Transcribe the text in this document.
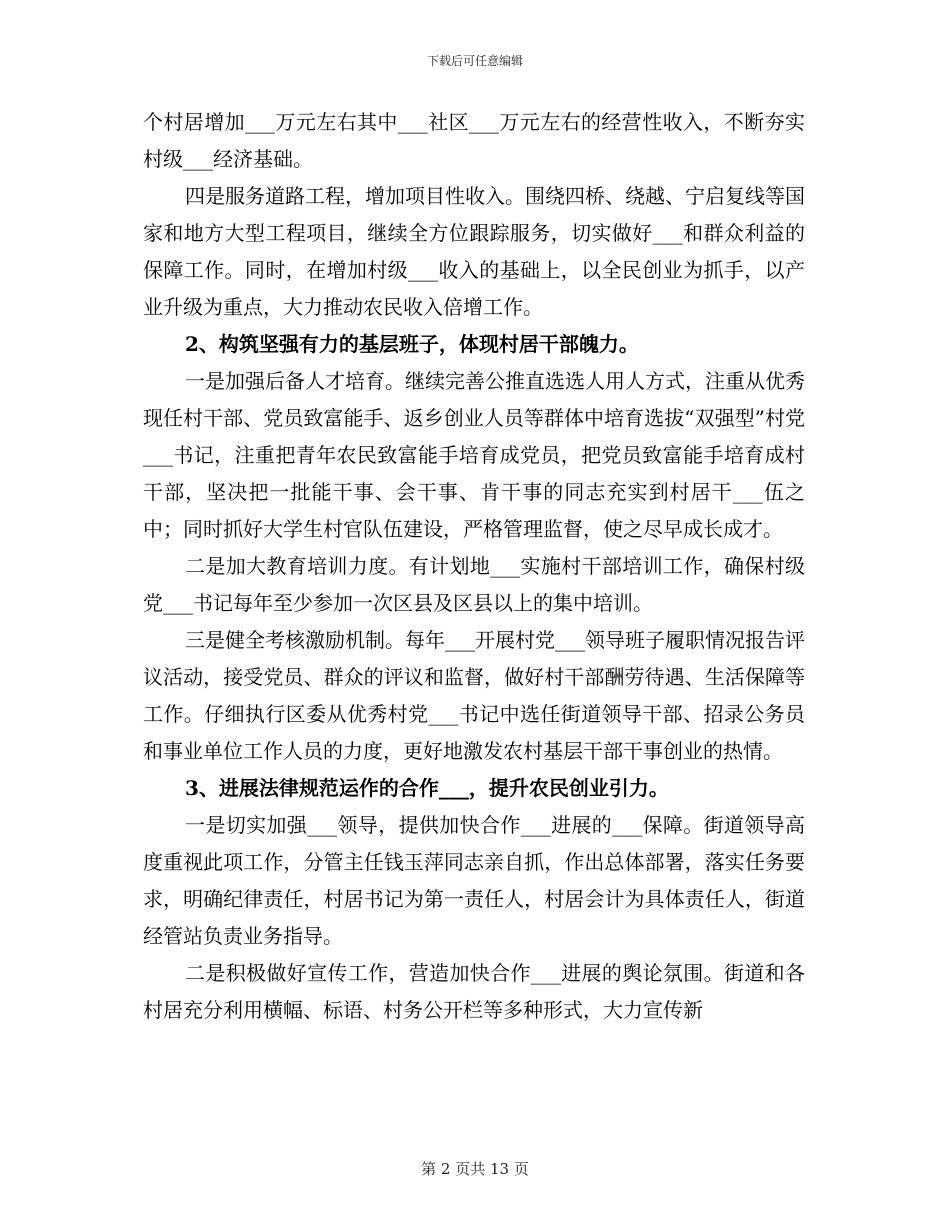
下载后可任意编辑

个村居增加___万元左右其中___社区___万元左右的经营性收入，不断夯实村级___经济基础。

四是服务道路工程，增加项目性收入。围绕四桥、绕越、宁启复线等国家和地方大型工程项目，继续全方位跟踪服务，切实做好___和群众利益的保障工作。同时，在增加村级___收入的基础上，以全民创业为抓手，以产业升级为重点，大力推动农民收入倍增工作。

2、构筑坚强有力的基层班子，体现村居干部魄力。

一是加强后备人才培育。继续完善公推直选选人用人方式，注重从优秀现任村干部、党员致富能手、返乡创业人员等群体中培育选拔“双强型”村党___书记，注重把青年农民致富能手培育成党员，把党员致富能手培育成村干部，坚决把一批能干事、会干事、肯干事的同志充实到村居干___伍之中；同时抓好大学生村官队伍建设，严格管理监督，使之尽早成长成才。

二是加大教育培训力度。有计划地___实施村干部培训工作，确保村级党___书记每年至少参加一次区县及区县以上的集中培训。

三是健全考核激励机制。每年___开展村党___领导班子履职情况报告评议活动，接受党员、群众的评议和监督，做好村干部酬劳待遇、生活保障等工作。仔细执行区委从优秀村党___书记中选任街道领导干部、招录公务员和事业单位工作人员的力度，更好地激发农村基层干部干事创业的热情。

3、进展法律规范运作的合作___，提升农民创业引力。

一是切实加强___领导，提供加快合作___进展的___保障。街道领导高度重视此项工作，分管主任钱玉萍同志亲自抓，作出总体部署，落实任务要求，明确纪律责任，村居书记为第一责任人，村居会计为具体责任人，街道经管站负责业务指导。

二是积极做好宣传工作，营造加快合作___进展的舆论氛围。街道和各村居充分利用横幅、标语、村务公开栏等多种形式，大力宣传新

第 2 页共 13 页
